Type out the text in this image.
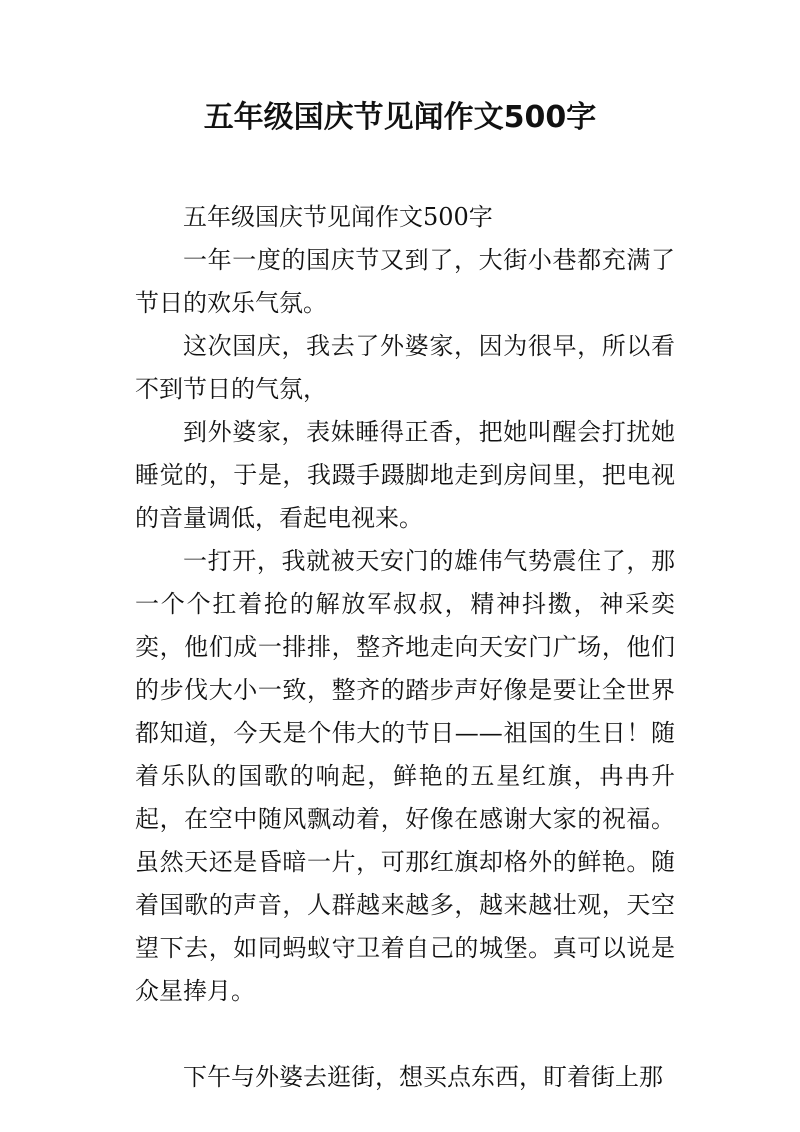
五年级国庆节见闻作文500字

五年级国庆节见闻作文500字

一年一度的国庆节又到了，大街小巷都充满了节日的欢乐气氛。

这次国庆，我去了外婆家，因为很早，所以看不到节日的气氛，

到外婆家，表妹睡得正香，把她叫醒会打扰她睡觉的，于是，我蹑手蹑脚地走到房间里，把电视的音量调低，看起电视来。

一打开，我就被天安门的雄伟气势震住了，那一个个扛着抢的解放军叔叔，精神抖擞，神采奕奕，他们成一排排，整齐地走向天安门广场，他们的步伐大小一致，整齐的踏步声好像是要让全世界都知道，今天是个伟大的节日——祖国的生日！随着乐队的国歌的响起，鲜艳的五星红旗，冉冉升起，在空中随风飘动着，好像在感谢大家的祝福。虽然天还是昏暗一片，可那红旗却格外的鲜艳。随着国歌的声音，人群越来越多，越来越壮观，天空望下去，如同蚂蚁守卫着自己的城堡。真可以说是众星捧月。

下午与外婆去逛街，想买点东西，盯着街上那
